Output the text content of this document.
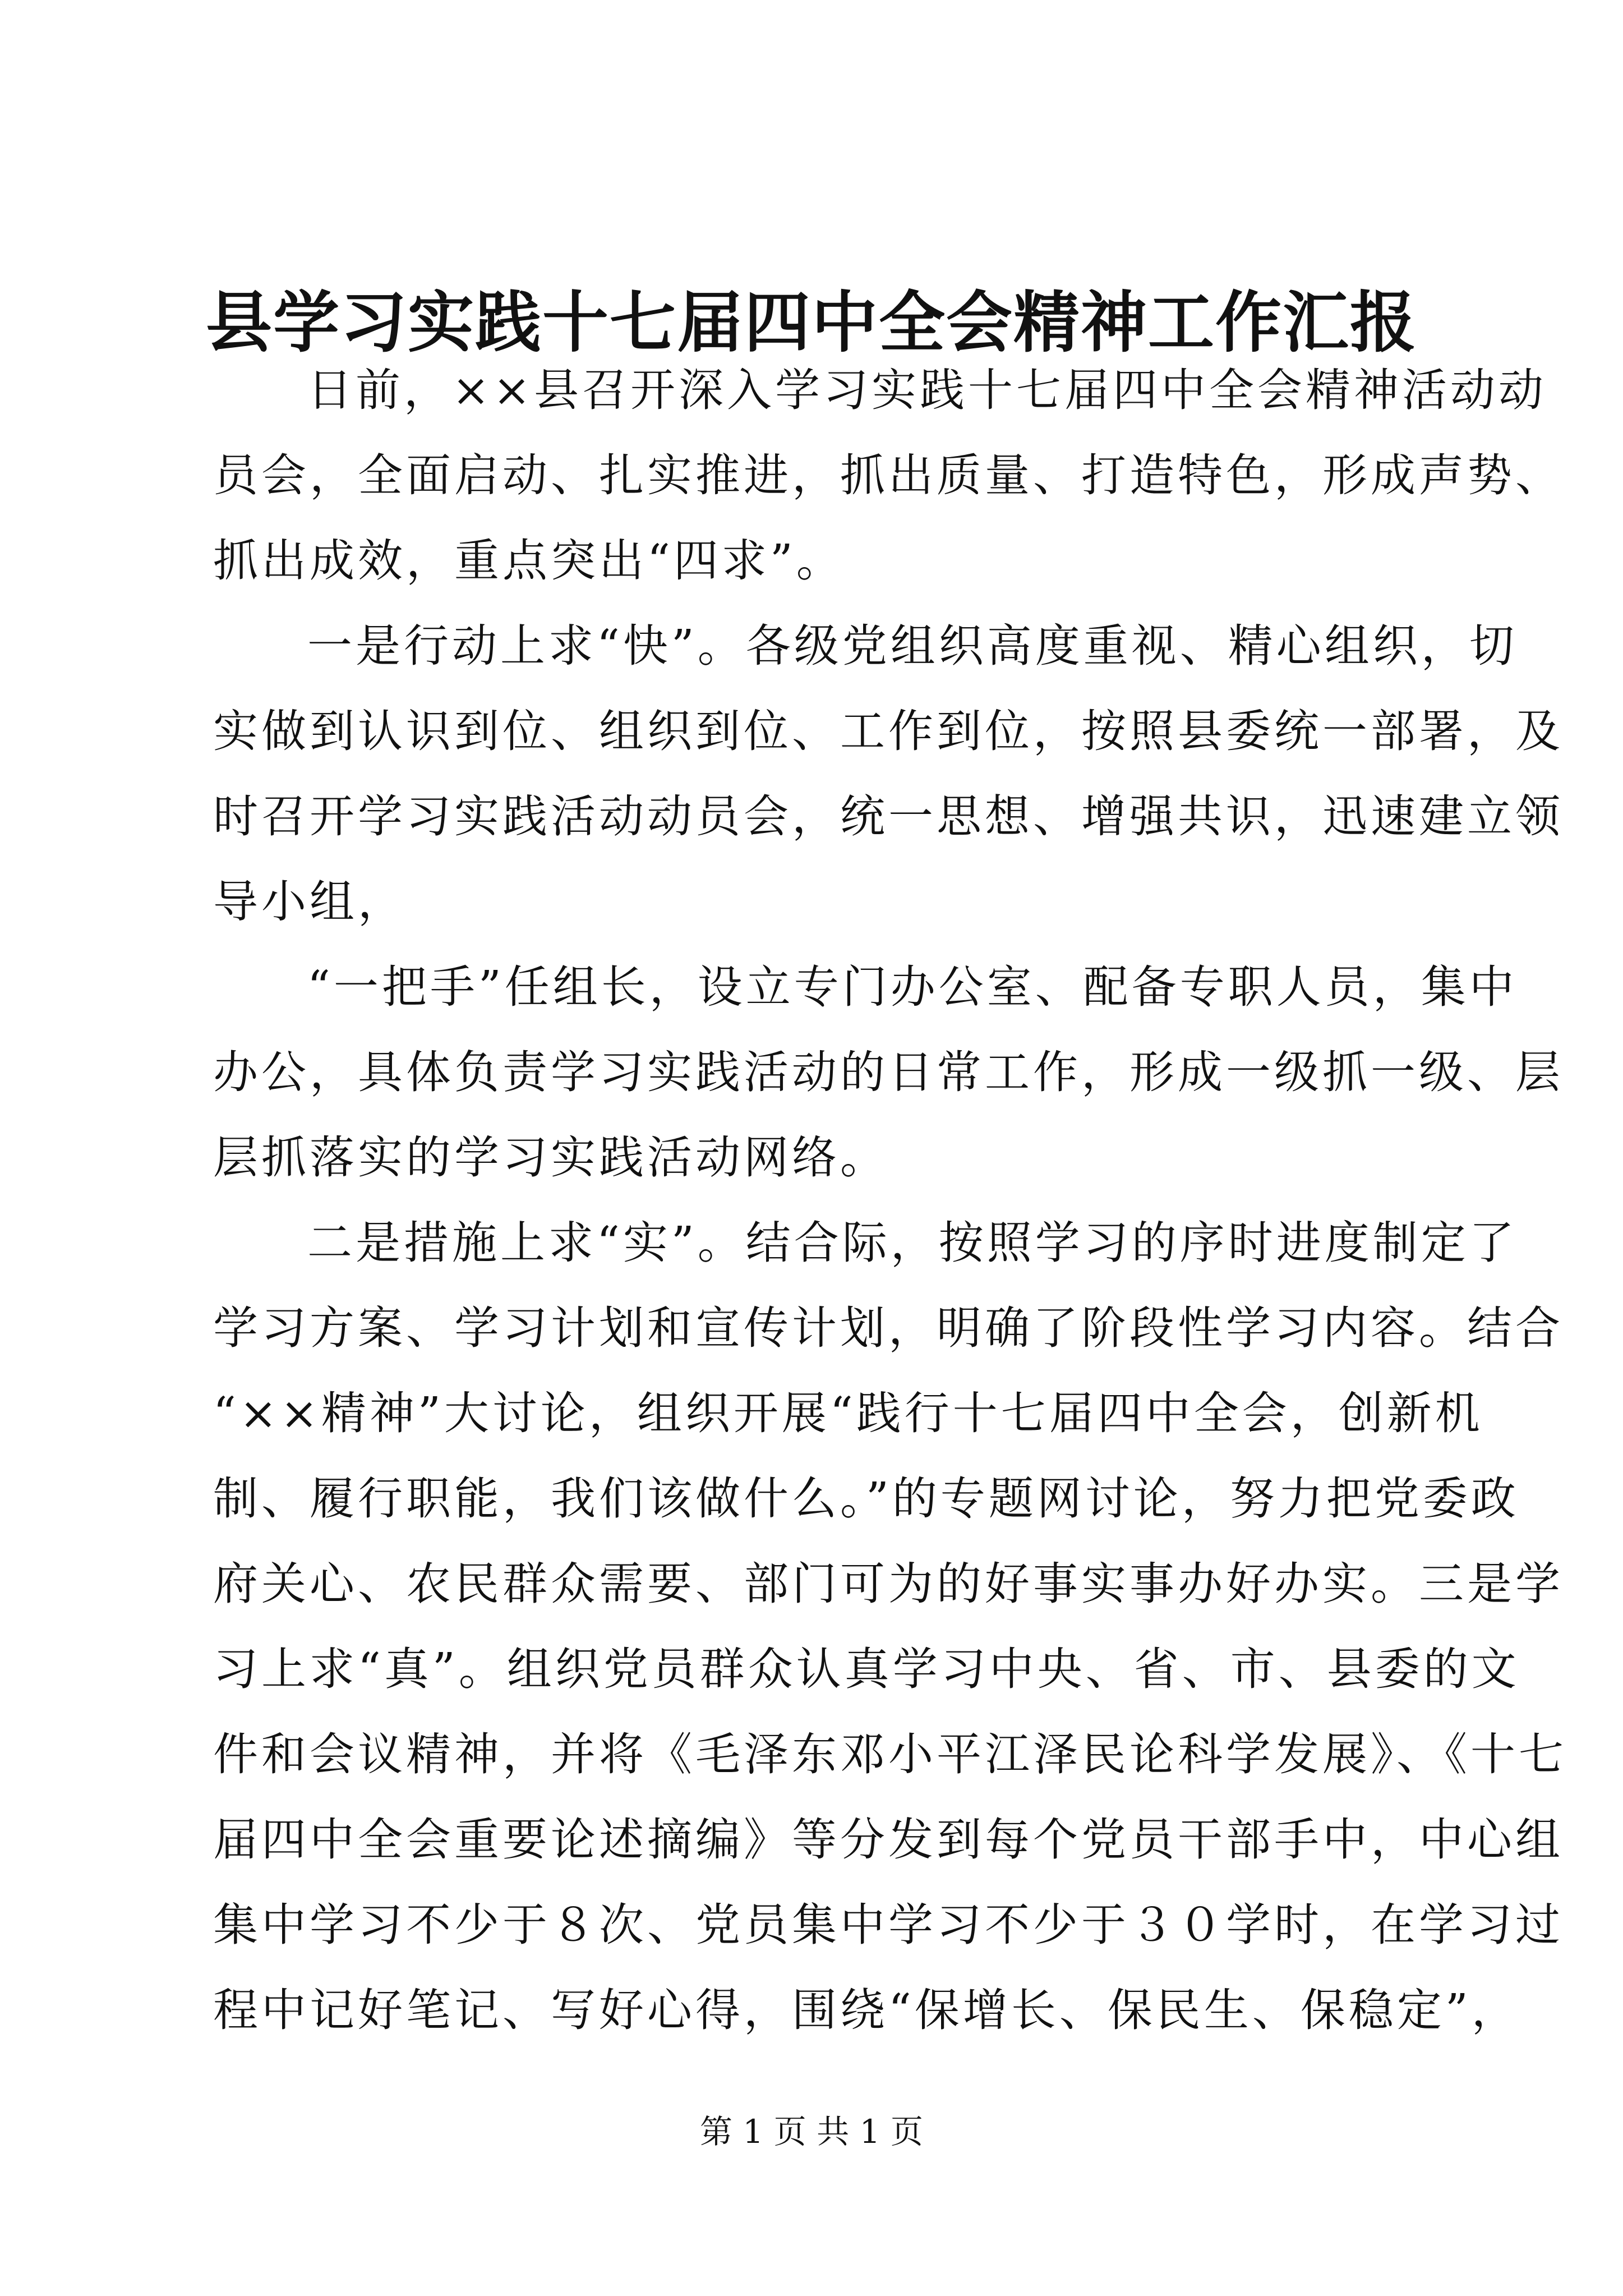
县学习实践十七届四中全会精神工作汇报
日前，××县召开深入学习实践十七届四中全会精神活动动
员会，全面启动、扎实推进，抓出质量、打造特色，形成声势、
抓出成效，重点突出“四求”。
一是行动上求“快”。各级党组织高度重视、精心组织，切
实做到认识到位、组织到位、工作到位，按照县委统一部署，及
时召开学习实践活动动员会，统一思想、增强共识，迅速建立领
导小组，
“一把手”任组长，设立专门办公室、配备专职人员，集中
办公，具体负责学习实践活动的日常工作，形成一级抓一级、层
层抓落实的学习实践活动网络。
二是措施上求“实”。结合际，按照学习的序时进度制定了
学习方案、学习计划和宣传计划，明确了阶段性学习内容。结合
“××精神”大讨论，组织开展“践行十七届四中全会，创新机
制、履行职能，我们该做什么。”的专题网讨论，努力把党委政
府关心、农民群众需要、部门可为的好事实事办好办实。三是学
习上求“真”。组织党员群众认真学习中央、省、市、县委的文
件和会议精神，并将《毛泽东邓小平江泽民论科学发展》、《十七
届四中全会重要论述摘编》等分发到每个党员干部手中，中心组
集中学习不少于８次、党员集中学习不少于３０学时，在学习过
程中记好笔记、写好心得，围绕“保增长、保民生、保稳定”，
第 1 页 共 1 页
